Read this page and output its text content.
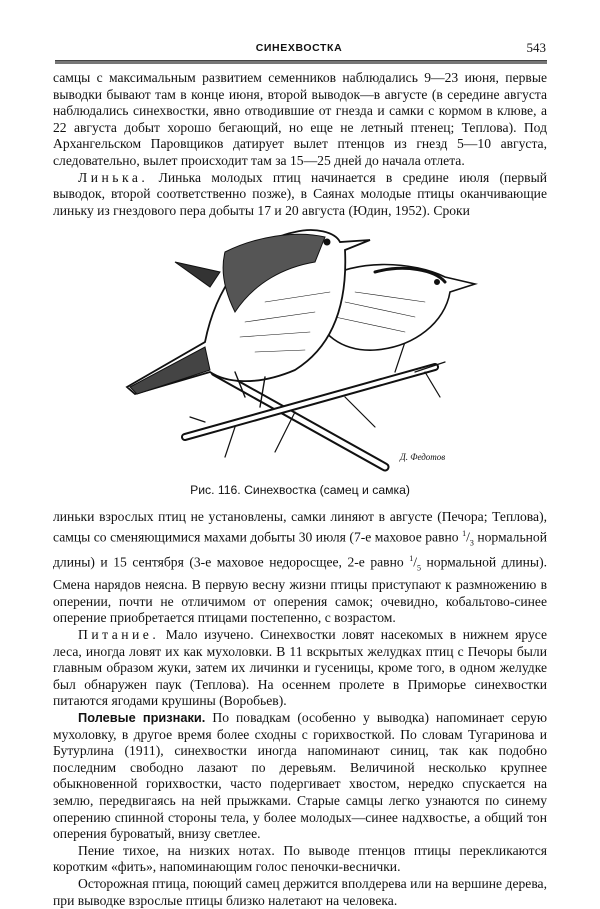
СИНЕХВОСТКА	543

самцы с максимальным развитием семенников наблюдались 9—23 июня, первые выводки бывают там в конце июня, второй выводок—в августе (в середине августа наблюдались синехвостки, явно отводившие от гнезда и самки с кормом в клюве, а 22 августа добыт хорошо бегающий, но еще не летный птенец; Теплова). Под Архангельском Паровщиков датирует вылет птенцов из гнезд 5—10 августа, следовательно, вылет происходит там за 15—25 дней до начала отлета.

Линька. Линька молодых птиц начинается в средине июля (первый выводок, второй соответственно позже), в Саянах молодые птицы оканчивающие линьку из гнездового пера добыты 17 и 20 августа (Юдин, 1952). Сроки

Д. Федотов
Рис. 116. Синехвостка (самец и самка)

линьки взрослых птиц не установлены, самки линяют в августе (Печора; Теплова), самцы со сменяющимися махами добыты 30 июля (7-е маховое равно $^1/_3$ нормальной длины) и 15 сентября (3-е маховое недоросщее, 2-е равно $^1/_5$ нормальной длины). Смена нарядов неясна. В первую весну жизни птицы приступают к размножению в оперении, почти не отличимом от оперения самок; очевидно, кобальтово-синее оперение приобретается птицами постепенно, с возрастом.

Питание. Мало изучено. Синехвостки ловят насекомых в нижнем ярусе леса, иногда ловят их как мухоловки. В 11 вскрытых желудках птиц с Печоры были главным образом жуки, затем их личинки и гусеницы, кроме того, в одном желудке был обнаружен паук (Теплова). На осеннем пролете в Приморье синехвостки питаются ягодами крушины (Воробьев).

Полевые признаки. По повадкам (особенно у выводка) напоминает серую мухоловку, в другое время более сходны с горихвосткой. По словам Тугаринова и Бутурлина (1911), синехвостки иногда напоминают синиц, так как подобно последним свободно лазают по деревьям. Величиной несколько крупнее обыкновенной горихвостки, часто подергивает хвостом, нередко спускается на землю, передвигаясь на ней прыжками. Старые самцы легко узнаются по синему оперению спинной стороны тела, у более молодых—синее надхвостье, а общий тон оперения буроватый, внизу светлее.

Пение тихое, на низких нотах. По выводе птенцов птицы перекликаются коротким «фить», напоминающим голос пеночки-веснички.

Осторожная птица, поющий самец держится вполдерева или на вершине дерева, при выводке взрослые птицы близко налетают на человека.
